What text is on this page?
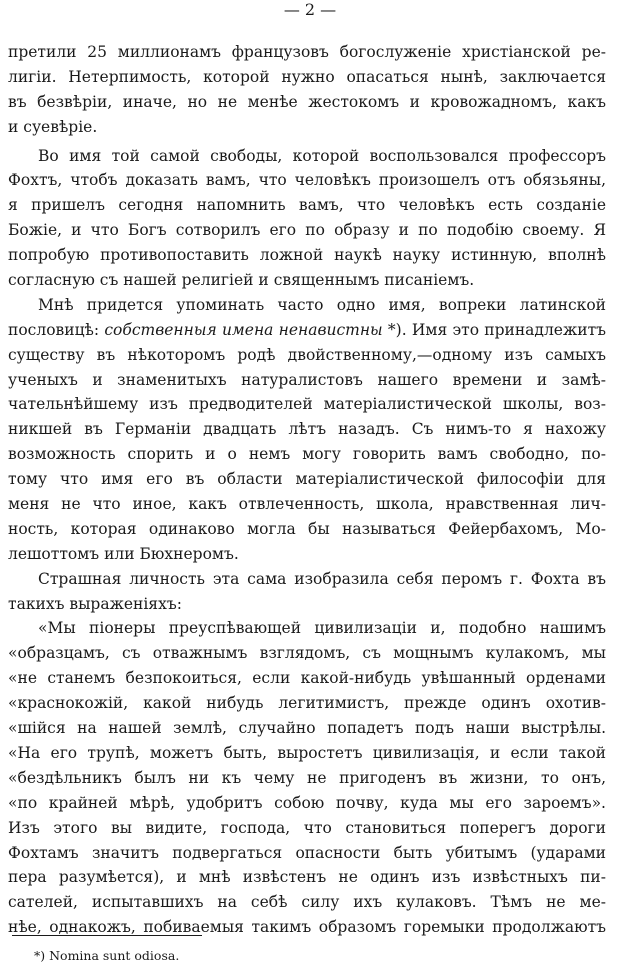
— 2 —
претили 25 миллионамъ французовъ богослуженіе христіанской ре-
лигіи. Нетерпимость, которой нужно опасаться нынѣ, заключается
въ безвѣріи, иначе, но не менѣе жестокомъ и кровожадномъ, какъ
и суевѣріе.
Во имя той самой свободы, которой воспользовался профессоръ
Фохтъ, чтобъ доказать вамъ, что человѣкъ произошелъ отъ обязьяны,
я пришелъ сегодня напомнить вамъ, что человѣкъ есть созданіе
Божіе, и что Богъ сотворилъ его по образу и по подобію своему. Я
попробую противопоставить ложной наукѣ науку истинную, вполнѣ
согласную съ нашей религіей и священнымъ писаніемъ.
Мнѣ придется упоминать часто одно имя, вопреки латинской
пословицѣ: собственныя имена ненавистны *). Имя это принадлежитъ
существу въ нѣкоторомъ родѣ двойственному,—одному изъ самыхъ
ученыхъ и знаменитыхъ натуралистовъ нашего времени и замѣ-
чательнѣйшему изъ предводителей матеріалистической школы, воз-
никшей въ Германіи двадцать лѣтъ назадъ. Съ нимъ-то я нахожу
возможность спорить и о немъ могу говорить вамъ свободно, по-
тому что имя его въ области матеріалистической философіи для
меня не что иное, какъ отвлеченность, школа, нравственная лич-
ность, которая одинаково могла бы называться Фейербахомъ, Мо-
лешоттомъ или Бюхнеромъ.
Страшная личность эта сама изобразила себя перомъ г. Фохта въ
такихъ выраженіяхъ:
«Мы піонеры преуспѣвающей цивилизаціи и, подобно нашимъ
«образцамъ, съ отважнымъ взглядомъ, съ мощнымъ кулакомъ, мы
«не станемъ безпокоиться, если какой-нибудь увѣшанный орденами
«краснокожій, какой нибудь легитимистъ, прежде одинъ охотив-
«шійся на нашей землѣ, случайно попадетъ подъ наши выстрѣлы.
«На его трупѣ, можетъ быть, выростетъ цивилизація, и если такой
«бездѣльникъ былъ ни къ чему не пригоденъ въ жизни, то онъ,
«по крайней мѣрѣ, удобритъ собою почву, куда мы его зароемъ».
Изъ этого вы видите, господа, что становиться поперегъ дороги
Фохтамъ значитъ подвергаться опасности быть убитымъ (ударами
пера разумѣется), и мнѣ извѣстенъ не одинъ изъ извѣстныхъ пи-
сателей, испытавшихъ на себѣ силу ихъ кулаковъ. Тѣмъ не ме-
нѣе, однакожъ, побиваемыя такимъ образомъ горемыки продолжаютъ
*) Nomina sunt odiosa.
